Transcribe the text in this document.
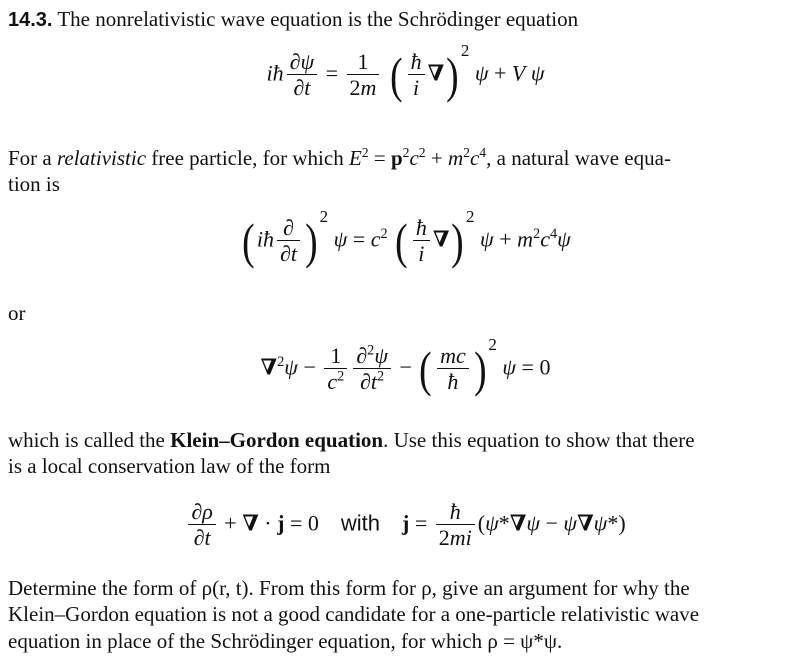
14.3. The nonrelativistic wave equation is the Schrödinger equation

iħ $\frac{\partial\psi}{\partial t} = \frac{1}{2m}$ ( $\frac{ħ}{i}$ ∇) $^2$ ψ + V ψ

For a relativistic free particle, for which $E^2 = p^2c^2 + m^2c^4$, a natural wave equa-
tion is

(iħ $\frac{\partial}{\partial t}$ ) $^2$ $\psi = c^2$ ( $\frac{ħ}{i}$ ∇) $^2$ $\psi + m^2c^4\psi$

or

$\nabla^2\psi - \frac{1}{c^2} \frac{\partial^2\psi}{\partial t^2}$ − ( $\frac{mc}{ħ}$ ) $^2$ ψ = 0

which is called the Klein–Gordon equation. Use this equation to show that there
is a local conservation law of the form

$\frac{\partial\rho}{\partial t}$ + ∇ · j = 0    with $j = \frac{ħ}{2mi} (\psi*\nabla\psi - \psi\nabla\psi*)$

Determine the form of ρ(r, t). From this form for ρ, give an argument for why the
Klein–Gordon equation is not a good candidate for a one-particle relativistic wave
equation in place of the Schrödinger equation, for which ρ = ψ*ψ.
